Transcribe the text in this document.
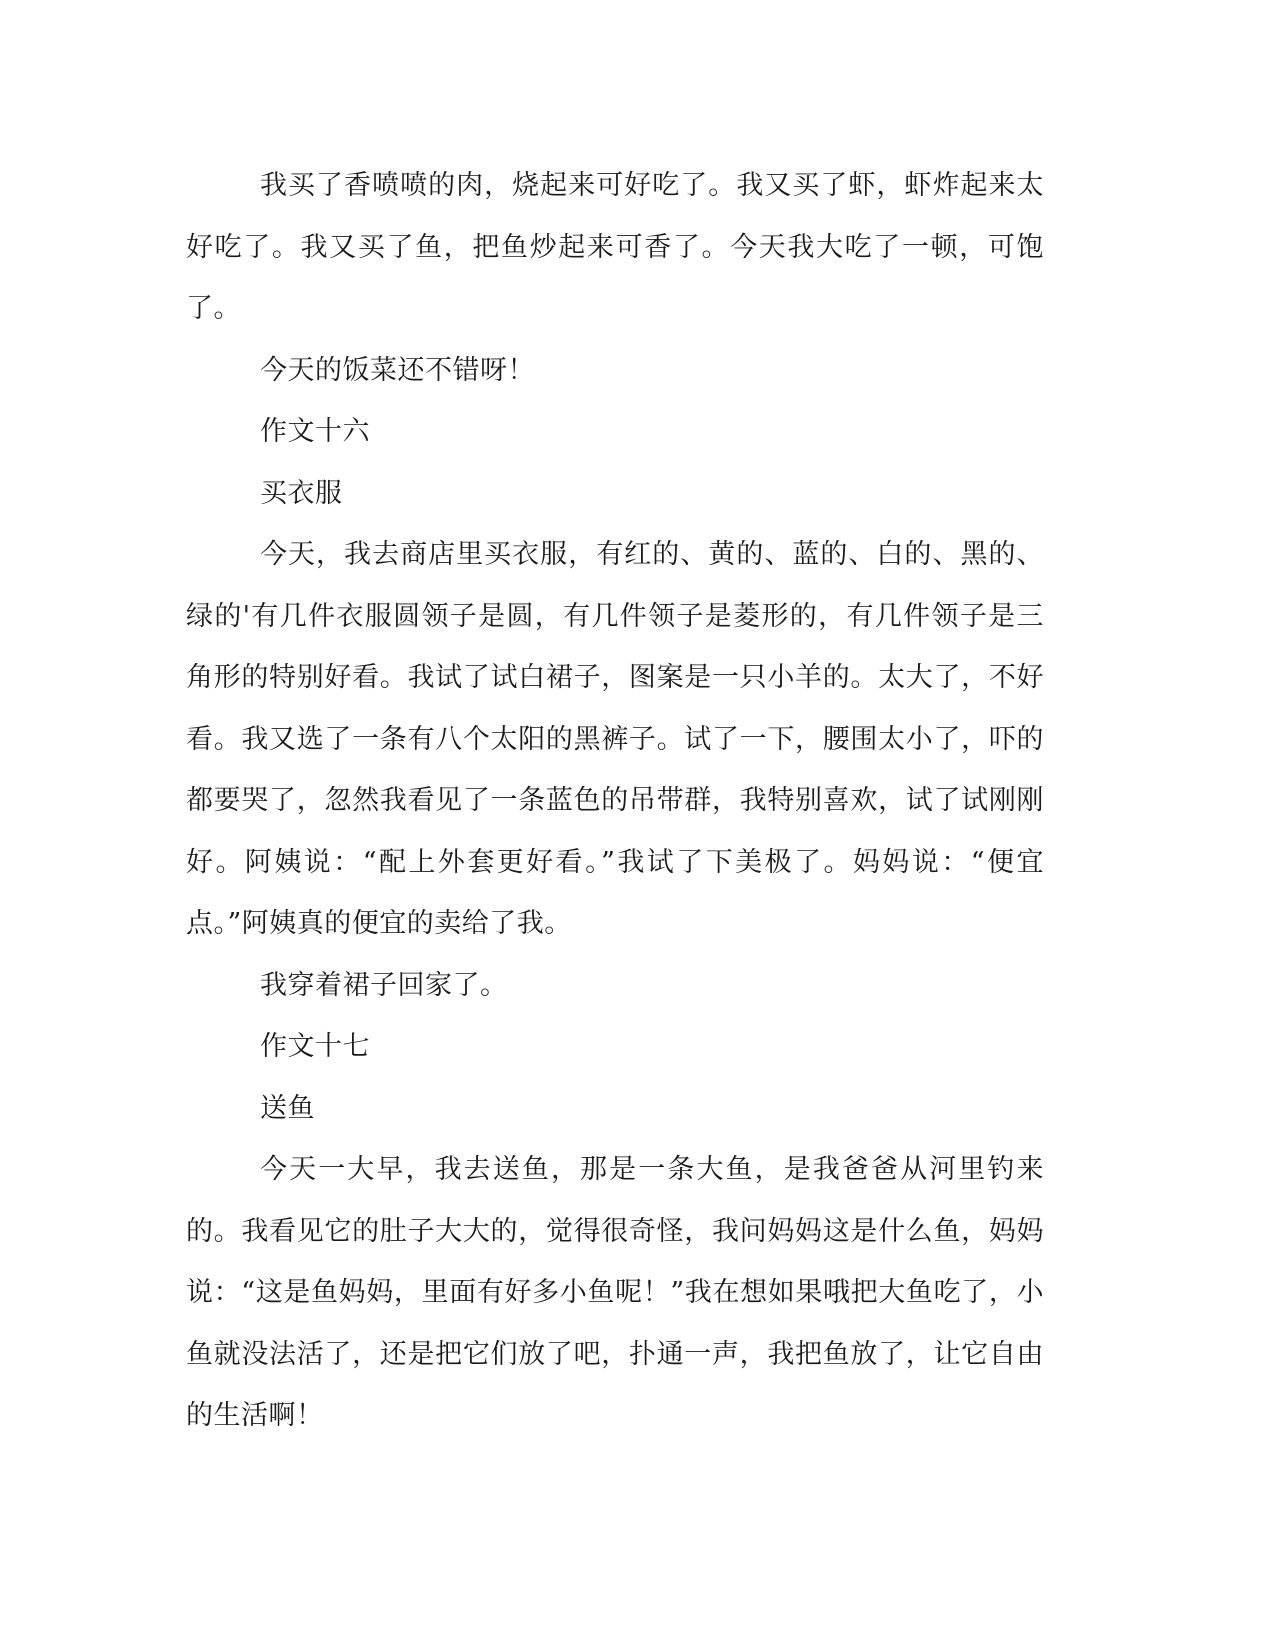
我买了香喷喷的肉，烧起来可好吃了。我又买了虾，虾炸起来太好吃了。我又买了鱼，把鱼炒起来可香了。今天我大吃了一顿，可饱了。

今天的饭菜还不错呀！

作文十六

买衣服

今天，我去商店里买衣服，有红的、黄的、蓝的、白的、黑的、绿的'有几件衣服圆领子是圆，有几件领子是菱形的，有几件领子是三角形的特别好看。我试了试白裙子，图案是一只小羊的。太大了，不好看。我又选了一条有八个太阳的黑裤子。试了一下，腰围太小了，吓的都要哭了，忽然我看见了一条蓝色的吊带群，我特别喜欢，试了试刚刚好。阿姨说：“配上外套更好看。”我试了下美极了。妈妈说：“便宜点。”阿姨真的便宜的卖给了我。

我穿着裙子回家了。

作文十七

送鱼

今天一大早，我去送鱼，那是一条大鱼，是我爸爸从河里钓来的。我看见它的肚子大大的，觉得很奇怪，我问妈妈这是什么鱼，妈妈说：“这是鱼妈妈，里面有好多小鱼呢！”我在想如果哦把大鱼吃了，小鱼就没法活了，还是把它们放了吧，扑通一声，我把鱼放了，让它自由的生活啊！
